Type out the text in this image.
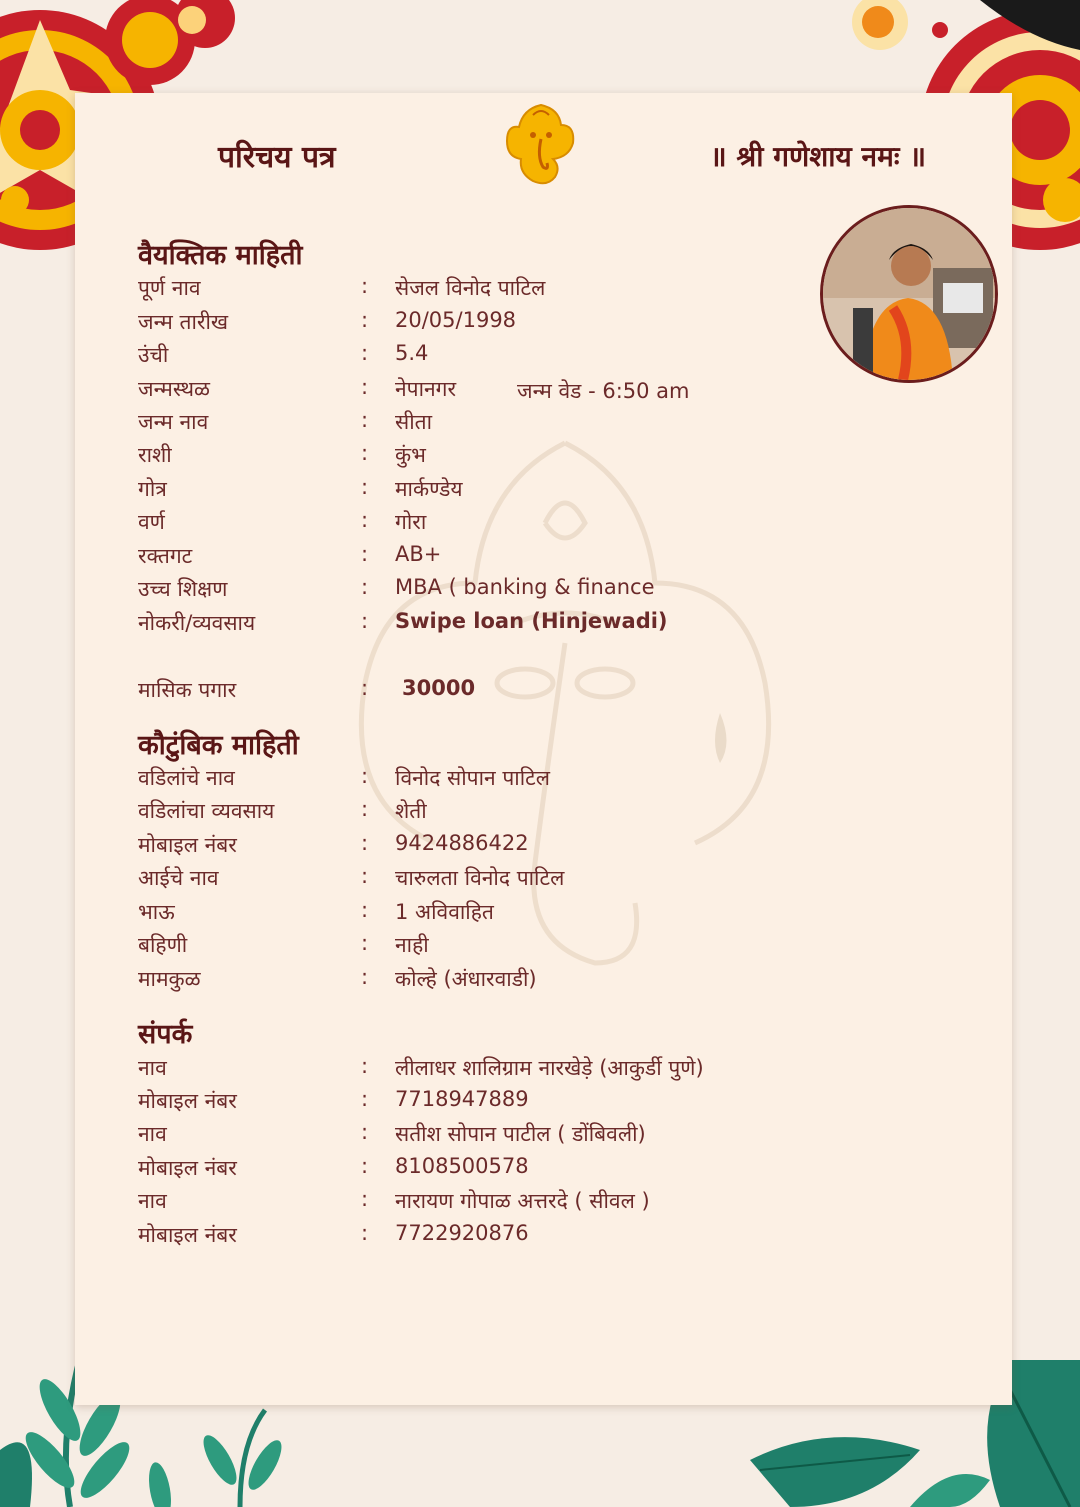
परिचय पत्र	॥ श्री गणेशाय नमः ॥
वैयक्तिक माहिती
पूर्ण नाव	: सेजल विनोद पाटिल
जन्म तारीख	: 20/05/1998
उंची	: 5.4
जन्मस्थळ	: नेपानगर	जन्म वेड - 6:50 am
जन्म नाव	: सीता
राशी	: कुंभ
गोत्र	: मार्कण्डेय
वर्ण	: गोरा
रक्तगट	: AB+
उच्च शिक्षण	: MBA ( banking & finance
नोकरी/व्यवसाय	: Swipe loan (Hinjewadi)
मासिक पगार	: 30000
कौटुंबिक माहिती
वडिलांचे नाव	: विनोद सोपान पाटिल
वडिलांचा व्यवसाय	: शेती
मोबाइल नंबर	: 9424886422
आईचे नाव	: चारुलता विनोद पाटिल
भाऊ	: 1 अविवाहित
बहिणी	: नाही
मामकुळ	: कोल्हे (अंधारवाडी)
संपर्क
नाव	: लीलाधर शालिग्राम नारखेड़े (आकुर्डी पुणे)
मोबाइल नंबर	: 7718947889
नाव	: सतीश सोपान पाटील ( डोंबिवली)
मोबाइल नंबर	: 8108500578
नाव	: नारायण गोपाळ अत्तरदे ( सीवल )
मोबाइल नंबर	: 7722920876
